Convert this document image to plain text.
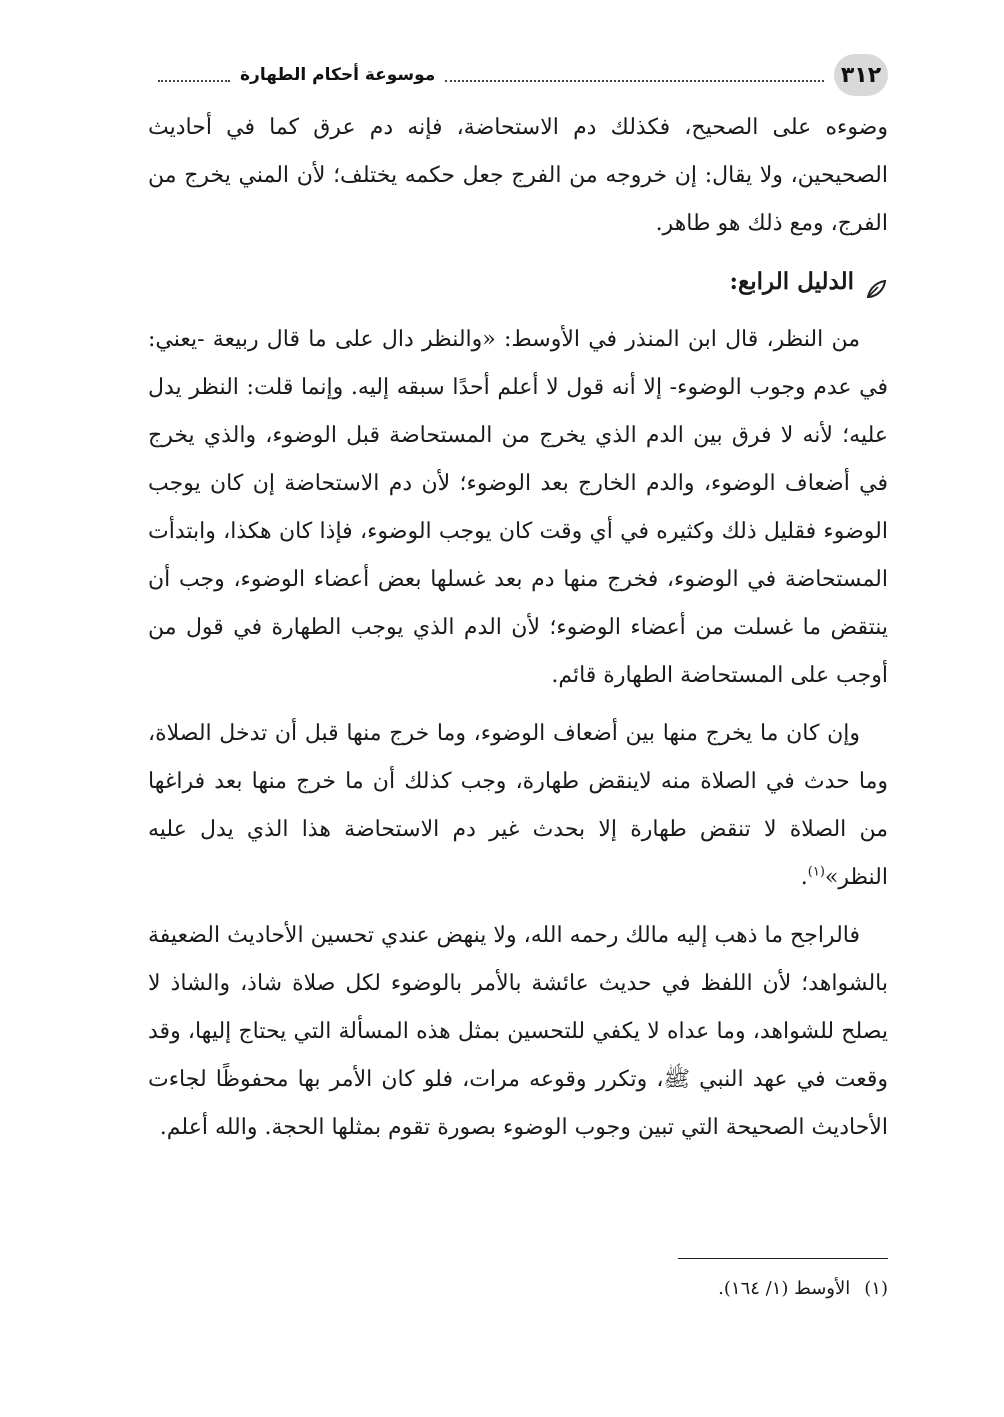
٣١٢
موسوعة أحكام الطهارة

وضوءه على الصحيح، فكذلك دم الاستحاضة، فإنه دم عرق كما في أحاديث الصحيحين، ولا يقال: إن خروجه من الفرج جعل حكمه يختلف؛ لأن المني يخرج من الفرج، ومع ذلك هو طاهر.

الدليل الرابع:

من النظر، قال ابن المنذر في الأوسط: «والنظر دال على ما قال ربيعة -يعني: في عدم وجوب الوضوء- إلا أنه قول لا أعلم أحدًا سبقه إليه. وإنما قلت: النظر يدل عليه؛ لأنه لا فرق بين الدم الذي يخرج من المستحاضة قبل الوضوء، والذي يخرج في أضعاف الوضوء، والدم الخارج بعد الوضوء؛ لأن دم الاستحاضة إن كان يوجب الوضوء فقليل ذلك وكثيره في أي وقت كان يوجب الوضوء، فإذا كان هكذا، وابتدأت المستحاضة في الوضوء، فخرج منها دم بعد غسلها بعض أعضاء الوضوء، وجب أن ينتقض ما غسلت من أعضاء الوضوء؛ لأن الدم الذي يوجب الطهارة في قول من أوجب على المستحاضة الطهارة قائم.

وإن كان ما يخرج منها بين أضعاف الوضوء، وما خرج منها قبل أن تدخل الصلاة، وما حدث في الصلاة منه لاينقض طهارة، وجب كذلك أن ما خرج منها بعد فراغها من الصلاة لا تنقض طهارة إلا بحدث غير دم الاستحاضة هذا الذي يدل عليه النظر»$^{(١)}$.

فالراجح ما ذهب إليه مالك رحمه الله، ولا ينهض عندي تحسين الأحاديث الضعيفة بالشواهد؛ لأن اللفظ في حديث عائشة بالأمر بالوضوء لكل صلاة شاذ، والشاذ لا يصلح للشواهد، وما عداه لا يكفي للتحسين بمثل هذه المسألة التي يحتاج إليها، وقد وقعت في عهد النبي ﷺ، وتكرر وقوعه مرات، فلو كان الأمر بها محفوظًا لجاءت الأحاديث الصحيحة التي تبين وجوب الوضوء بصورة تقوم بمثلها الحجة. والله أعلم.

(١)
الأوسط (١/ ١٦٤).
